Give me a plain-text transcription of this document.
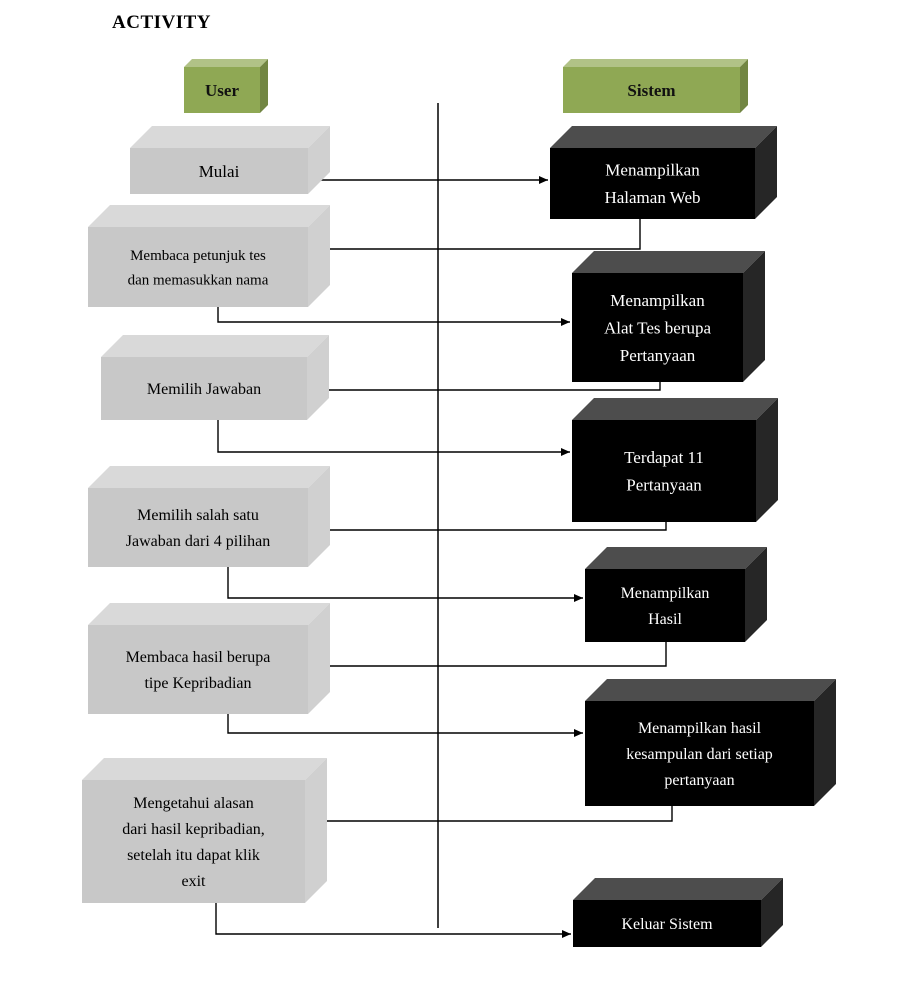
ACTIVITY
User	Sistem
Mulai
Membaca petunjuk tes dan memasukkan nama
Memilih Jawaban
Memilih salah satu Jawaban dari 4 pilihan
Membaca hasil berupa tipe Kepribadian
Mengetahui alasan dari hasil kepribadian, setelah itu dapat klik exit
Menampilkan Halaman Web
Menampilkan Alat Tes berupa Pertanyaan
Terdapat 11 Pertanyaan
Menampilkan Hasil
Menampilkan hasil kesampulan dari setiap pertanyaan
Keluar Sistem
